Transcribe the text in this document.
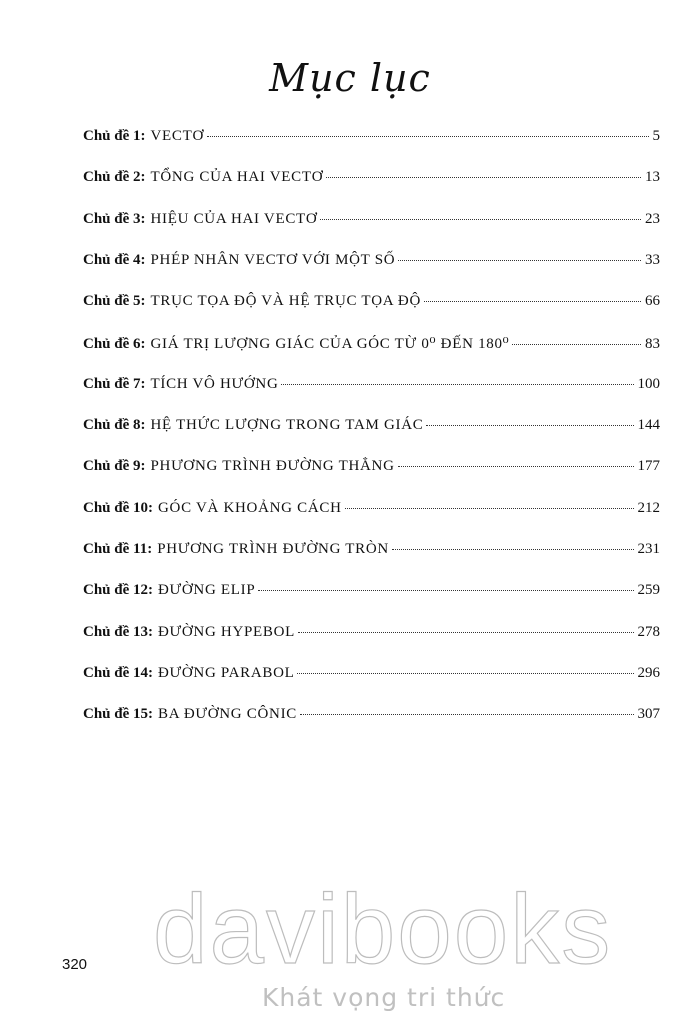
Mục lục
Chủ đề 1: VECTƠ	5
Chủ đề 2: TỔNG CỦA HAI VECTƠ	13
Chủ đề 3: HIỆU CỦA HAI VECTƠ	23
Chủ đề 4: PHÉP NHÂN VECTƠ VỚI MỘT SỐ	33
Chủ đề 5: TRỤC TỌA ĐỘ VÀ HỆ TRỤC TỌA ĐỘ	66
Chủ đề 6: GIÁ TRỊ LƯỢNG GIÁC CỦA GÓC TỪ 0⁰ ĐẾN 180⁰	83
Chủ đề 7: TÍCH VÔ HƯỚNG	100
Chủ đề 8: HỆ THỨC LƯỢNG TRONG TAM GIÁC	144
Chủ đề 9: PHƯƠNG TRÌNH ĐƯỜNG THẲNG	177
Chủ đề 10: GÓC VÀ KHOẢNG CÁCH	212
Chủ đề 11: PHƯƠNG TRÌNH ĐƯỜNG TRÒN	231
Chủ đề 12: ĐƯỜNG ELIP	259
Chủ đề 13: ĐƯỜNG HYPEBOL	278
Chủ đề 14: ĐƯỜNG PARABOL	296
Chủ đề 15: BA ĐƯỜNG CÔNIC	307
davibooks
320
Khát vọng tri thức
